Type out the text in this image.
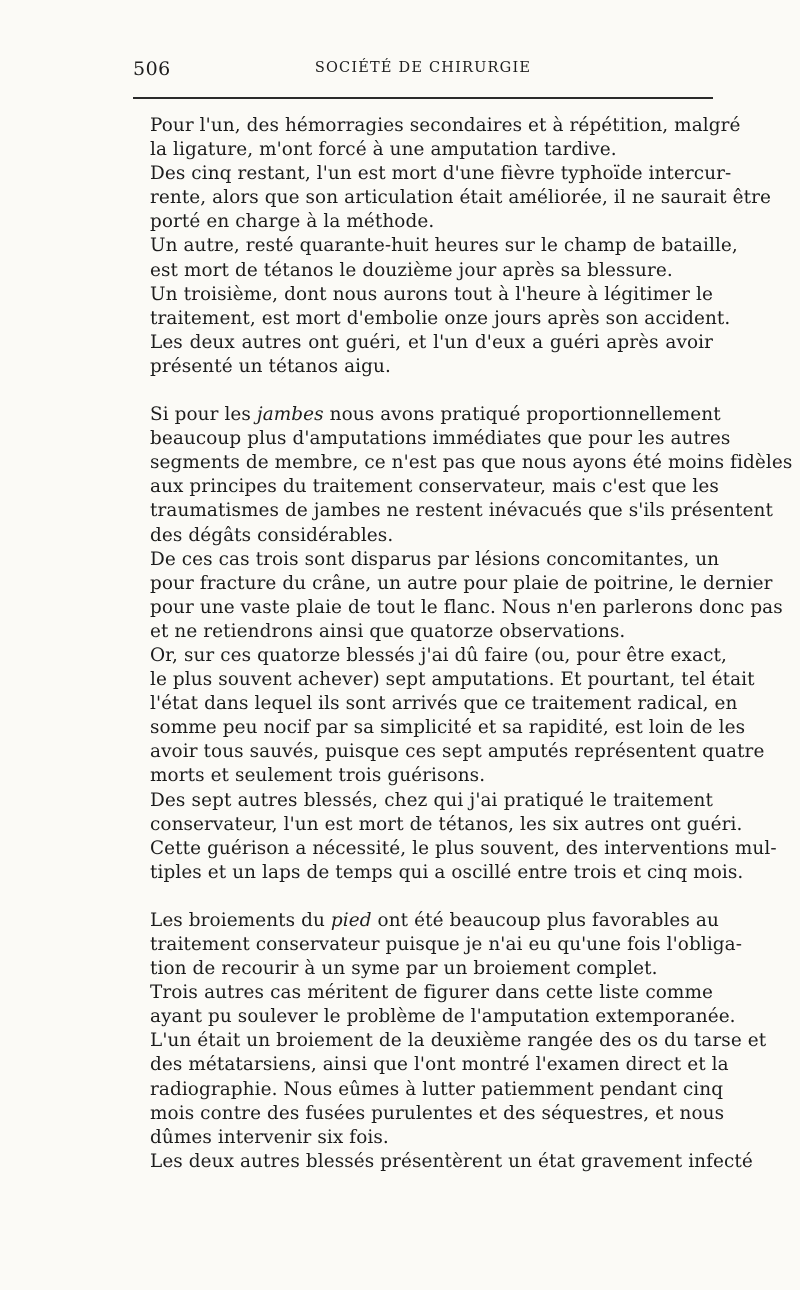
506	SOCIÉTÉ DE CHIRURGIE

Pour l'un, des hémorragies secondaires et à répétition, malgré
la ligature, m'ont forcé à une amputation tardive.

Des cinq restant, l'un est mort d'une fièvre typhoïde intercur-
rente, alors que son articulation était améliorée, il ne saurait être
porté en charge à la méthode.

Un autre, resté quarante-huit heures sur le champ de bataille,
est mort de tétanos le douzième jour après sa blessure.

Un troisième, dont nous aurons tout à l'heure à légitimer le
traitement, est mort d'embolie onze jours après son accident.

Les deux autres ont guéri, et l'un d'eux a guéri après avoir
présenté un tétanos aigu.

Si pour les jambes nous avons pratiqué proportionnellement
beaucoup plus d'amputations immédiates que pour les autres
segments de membre, ce n'est pas que nous ayons été moins fidèles
aux principes du traitement conservateur, mais c'est que les
traumatismes de jambes ne restent inévacués que s'ils présentent
des dégâts considérables.

De ces cas trois sont disparus par lésions concomitantes, un
pour fracture du crâne, un autre pour plaie de poitrine, le dernier
pour une vaste plaie de tout le flanc. Nous n'en parlerons donc pas
et ne retiendrons ainsi que quatorze observations.

Or, sur ces quatorze blessés j'ai dû faire (ou, pour être exact,
le plus souvent achever) sept amputations. Et pourtant, tel était
l'état dans lequel ils sont arrivés que ce traitement radical, en
somme peu nocif par sa simplicité et sa rapidité, est loin de les
avoir tous sauvés, puisque ces sept amputés représentent quatre
morts et seulement trois guérisons.

Des sept autres blessés, chez qui j'ai pratiqué le traitement
conservateur, l'un est mort de tétanos, les six autres ont guéri.
Cette guérison a nécessité, le plus souvent, des interventions mul-
tiples et un laps de temps qui a oscillé entre trois et cinq mois.

Les broiements du pied ont été beaucoup plus favorables au
traitement conservateur puisque je n'ai eu qu'une fois l'obliga-
tion de recourir à un syme par un broiement complet.

Trois autres cas méritent de figurer dans cette liste comme
ayant pu soulever le problème de l'amputation extemporanée.
L'un était un broiement de la deuxième rangée des os du tarse et
des métatarsiens, ainsi que l'ont montré l'examen direct et la
radiographie. Nous eûmes à lutter patiemment pendant cinq
mois contre des fusées purulentes et des séquestres, et nous
dûmes intervenir six fois.

Les deux autres blessés présentèrent un état gravement infecté
